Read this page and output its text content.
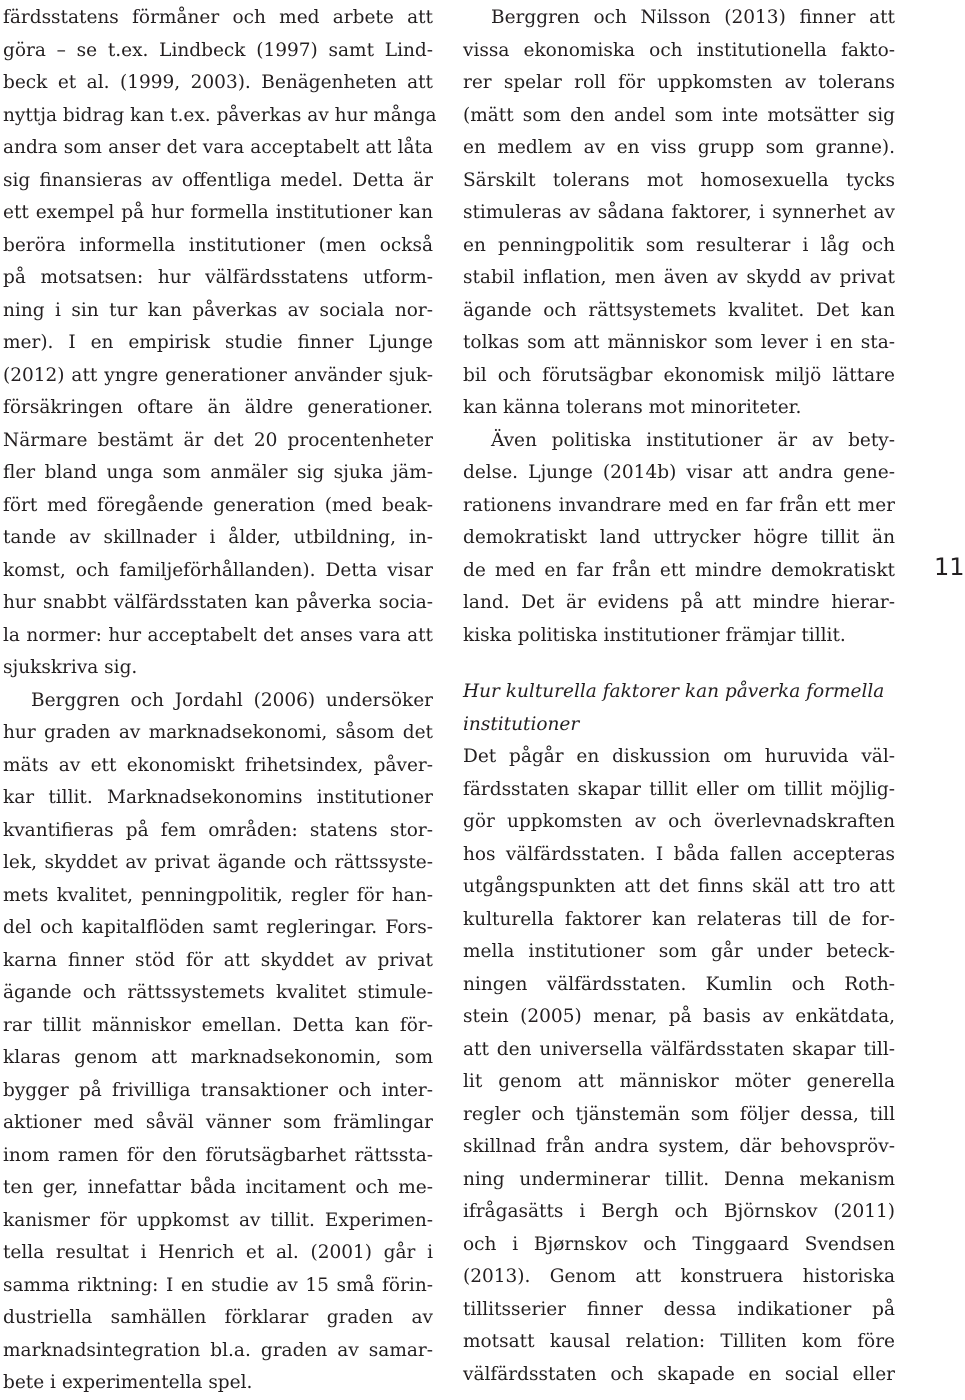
färdsstatens förmåner och med arbete att
göra – se t.ex. Lindbeck (1997) samt Lind-
beck et al. (1999, 2003). Benägenheten att
nyttja bidrag kan t.ex. påverkas av hur många
andra som anser det vara acceptabelt att låta
sig finansieras av offentliga medel. Detta är
ett exempel på hur formella institutioner kan
beröra informella institutioner (men också
på motsatsen: hur välfärdsstatens utform-
ning i sin tur kan påverkas av sociala nor-
mer). I en empirisk studie finner Ljunge
(2012) att yngre generationer använder sjuk-
försäkringen oftare än äldre generationer.
Närmare bestämt är det 20 procentenheter
fler bland unga som anmäler sig sjuka jäm-
fört med föregående generation (med beak-
tande av skillnader i ålder, utbildning, in-
komst, och familjeförhållanden). Detta visar
hur snabbt välfärdsstaten kan påverka socia-
la normer: hur acceptabelt det anses vara att
sjukskriva sig.
Berggren och Jordahl (2006) undersöker
hur graden av marknadsekonomi, såsom det
mäts av ett ekonomiskt frihetsindex, påver-
kar tillit. Marknadsekonomins institutioner
kvantifieras på fem områden: statens stor-
lek, skyddet av privat ägande och rättssyste-
mets kvalitet, penningpolitik, regler för han-
del och kapitalflöden samt regleringar. Fors-
karna finner stöd för att skyddet av privat
ägande och rättssystemets kvalitet stimule-
rar tillit människor emellan. Detta kan för-
klaras genom att marknadsekonomin, som
bygger på frivilliga transaktioner och inter-
aktioner med såväl vänner som främlingar
inom ramen för den förutsägbarhet rättssta-
ten ger, innefattar båda incitament och me-
kanismer för uppkomst av tillit. Experimen-
tella resultat i Henrich et al. (2001) går i
samma riktning: I en studie av 15 små förin-
dustriella samhällen förklarar graden av
marknadsintegration bl.a. graden av samar-
bete i experimentella spel.
Berggren och Nilsson (2013) finner att
vissa ekonomiska och institutionella fakto-
rer spelar roll för uppkomsten av tolerans
(mätt som den andel som inte motsätter sig
en medlem av en viss grupp som granne).
Särskilt tolerans mot homosexuella tycks
stimuleras av sådana faktorer, i synnerhet av
en penningpolitik som resulterar i låg och
stabil inflation, men även av skydd av privat
ägande och rättsystemets kvalitet. Det kan
tolkas som att människor som lever i en sta-
bil och förutsägbar ekonomisk miljö lättare
kan känna tolerans mot minoriteter.
Även politiska institutioner är av bety-
delse. Ljunge (2014b) visar att andra gene-
rationens invandrare med en far från ett mer
demokratiskt land uttrycker högre tillit än
de med en far från ett mindre demokratiskt
land. Det är evidens på att mindre hierar-
kiska politiska institutioner främjar tillit.
Hur kulturella faktorer kan påverka formella
institutioner
Det pågår en diskussion om huruvida väl-
färdsstaten skapar tillit eller om tillit möjlig-
gör uppkomsten av och överlevnadskraften
hos välfärdsstaten. I båda fallen accepteras
utgångspunkten att det finns skäl att tro att
kulturella faktorer kan relateras till de for-
mella institutioner som går under beteck-
ningen välfärdsstaten. Kumlin och Roth-
stein (2005) menar, på basis av enkätdata,
att den universella välfärdsstaten skapar till-
lit genom att människor möter generella
regler och tjänstemän som följer dessa, till
skillnad från andra system, där behovspröv-
ning underminerar tillit. Denna mekanism
ifrågasätts i Bergh och Björnskov (2011)
och i Bjørnskov och Tinggaard Svendsen
(2013). Genom att konstruera historiska
tillitsserier finner dessa indikationer på
motsatt kausal relation: Tilliten kom före
välfärdsstaten och skapade en social eller
11
